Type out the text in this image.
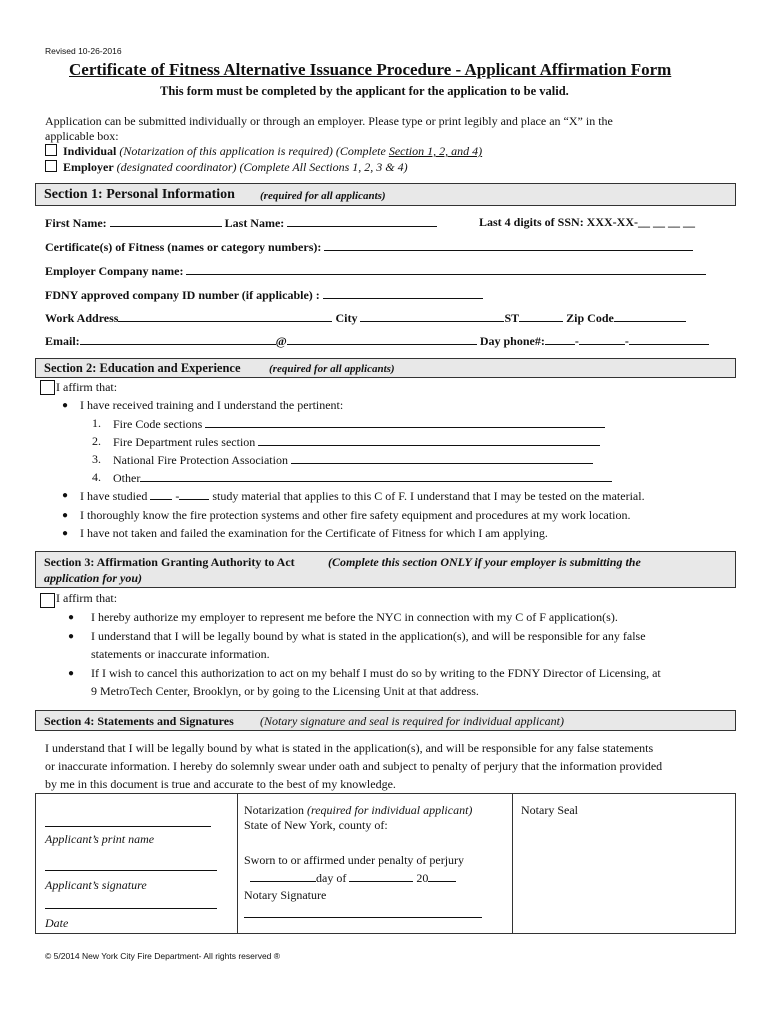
Revised 10-26-2016
Certificate of Fitness Alternative Issuance Procedure - Applicant Affirmation Form
This form must be completed by the applicant for the application to be valid.
Application can be submitted individually or through an employer. Please type or print legibly and place an “X” in the
applicable box:
Individual (Notarization of this application is required) (Complete Section 1, 2, and 4)
Employer (designated coordinator) (Complete All Sections 1, 2, 3 & 4)
Section 1: Personal Information (required for all applicants)
First Name:	Last Name:	Last 4 digits of SSN: XXX-XX-__ __ __ __
Certificate(s) of Fitness (names or category numbers):
Employer Company name:
FDNY approved company ID number (if applicable) :
Work Address	City	ST	Zip Code
Email:	@	Day phone#:	-	-
Section 2: Education and Experience	(required for all applicants)
I affirm that:
● I have received training and I understand the pertinent:
1. Fire Code sections
2. Fire Department rules section
3. National Fire Protection Association
4. Other
● I have studied -	study material that applies to this C of F. I understand that I may be tested on the material.
● I thoroughly know the fire protection systems and other fire safety equipment and procedures at my work location.
● I have not taken and failed the examination for the Certificate of Fitness for which I am applying.
Section 3: Affirmation Granting Authority to Act	(Complete this section ONLY if your employer is submitting the
application for you)
I affirm that:
● I hereby authorize my employer to represent me before the NYC in connection with my C of F application(s).
● I understand that I will be legally bound by what is stated in the application(s), and will be responsible for any false
statements or inaccurate information.
● If I wish to cancel this authorization to act on my behalf I must do so by writing to the FDNY Director of Licensing, at
9 MetroTech Center, Brooklyn, or by going to the Licensing Unit at that address.
Section 4: Statements and Signatures (Notary signature and seal is required for individual applicant)
I understand that I will be legally bound by what is stated in the application(s), and will be responsible for any false statements
or inaccurate information. I hereby do solemnly swear under oath and subject to penalty of perjury that the information provided
by me in this document is true and accurate to the best of my knowledge.
Applicant’s print name
Applicant’s signature
Date
Notarization (required for individual applicant)
State of New York, county of:
Sworn to or affirmed under penalty of perjury
day of	20
Notary Signature
Notary Seal
© 5/2014 New York City Fire Department- All rights reserved ®
